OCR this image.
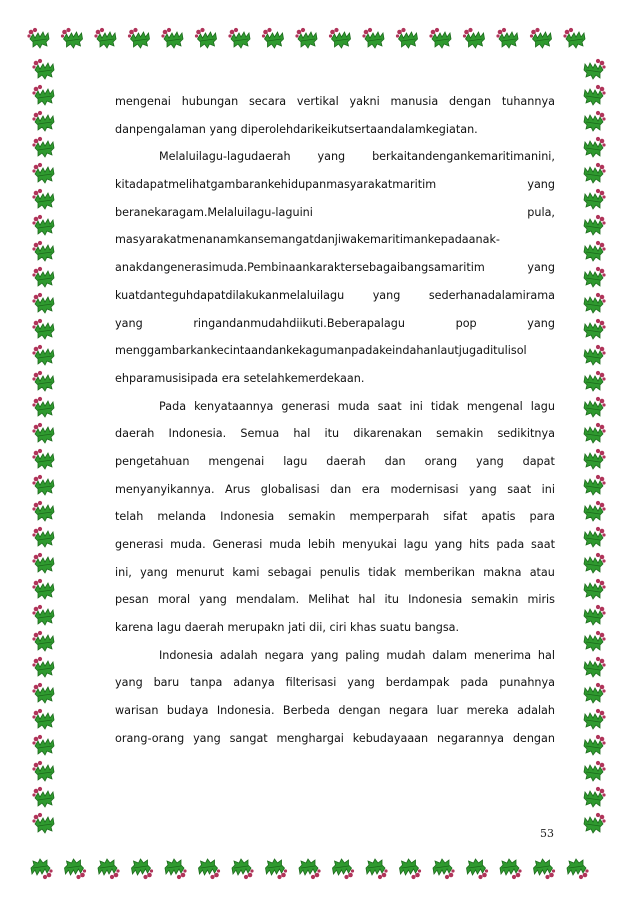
mengenai hubungan secara vertikal yakni manusia dengan tuhannya
danpengalaman yang diperolehdarikeikutsertaandalamkegiatan.
Melaluilagu-lagudaerah yang berkaitandengankemaritimanini,
kitadapatmelihatgambarankehidupanmasyarakatmaritim	yang
beranekaragam.Melaluilagu-laguini	pula,
masyarakatmenanamkansemangatdanjiwakemaritimankepadaanak-
anakdangenerasimuda.Pembinaankaraktersebagaibangsamaritim	yang
kuatdanteguhdapatdilakukanmelaluilagu	yang	sederhanadalamirama
yang	ringandanmudahdiikuti.Beberapalagu	pop	yang
menggambarkankecintaandankekagumanpadakeindahanlautjugaditulisol
ehparamusisipada era setelahkemerdekaan.
Pada kenyataannya generasi muda saat ini tidak mengenal lagu
daerah Indonesia. Semua hal itu dikarenakan semakin sedikitnya
pengetahuan mengenai lagu daerah dan orang yang dapat
menyanyikannya. Arus globalisasi dan era modernisasi yang saat ini
telah melanda Indonesia semakin memperparah sifat apatis para
generasi muda. Generasi muda lebih menyukai lagu yang hits pada saat
ini, yang menurut kami sebagai penulis tidak memberikan makna atau
pesan moral yang mendalam. Melihat hal itu Indonesia semakin miris
karena lagu daerah merupakn jati dii, ciri khas suatu bangsa.
Indonesia adalah negara yang paling mudah dalam menerima hal
yang baru tanpa adanya filterisasi yang berdampak pada punahnya
warisan budaya Indonesia. Berbeda dengan negara luar mereka adalah
orang-orang yang sangat menghargai kebudayaaan negarannya dengan
53
